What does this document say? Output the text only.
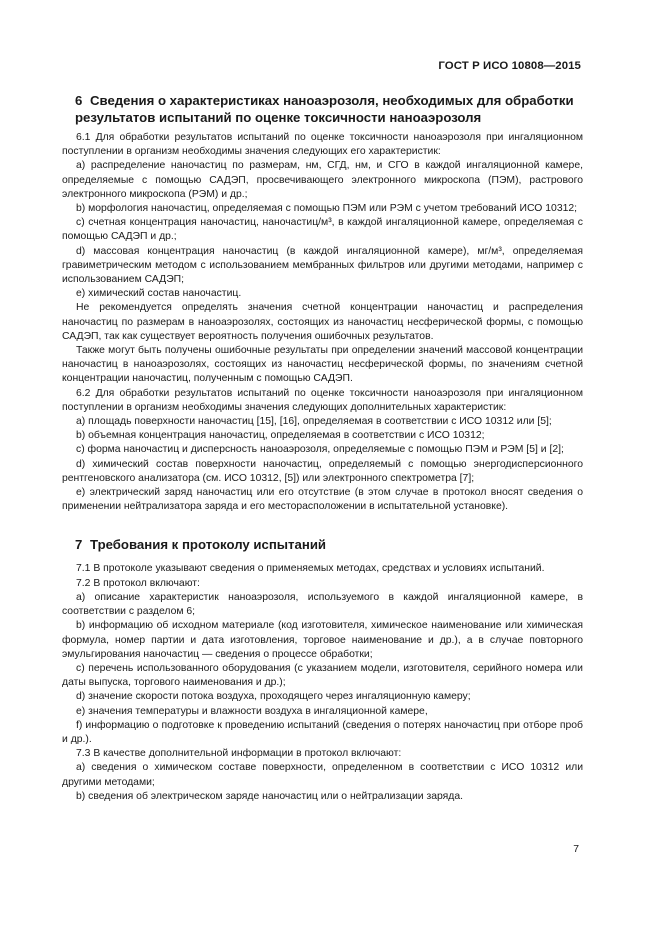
ГОСТ Р ИСО 10808—2015
6 Сведения о характеристиках наноаэрозоля, необходимых для обработки результатов испытаний по оценке токсичности наноаэрозоля

6.1 Для обработки результатов испытаний по оценке токсичности наноаэрозоля при ингаляционном поступлении в организм необходимы значения следующих его характеристик:

a) распределение наночастиц по размерам, нм, СГД, нм, и СГО в каждой ингаляционной камере, определяемые с помощью САДЭП, просвечивающего электронного микроскопа (ПЭМ), растрового электронного микроскопа (РЭМ) и др.;

b) морфология наночастиц, определяемая с помощью ПЭМ или РЭМ с учетом требований ИСО 10312;

c) счетная концентрация наночастиц, наночастиц/м³, в каждой ингаляционной камере, определяемая с помощью САДЭП и др.;

d) массовая концентрация наночастиц (в каждой ингаляционной камере), мг/м³, определяемая гравиметрическим методом с использованием мембранных фильтров или другими методами, например с использованием САДЭП;

e) химический состав наночастиц.

Не рекомендуется определять значения счетной концентрации наночастиц и распределения наночастиц по размерам в наноаэрозолях, состоящих из наночастиц несферической формы, с помощью САДЭП, так как существует вероятность получения ошибочных результатов.

Также могут быть получены ошибочные результаты при определении значений массовой концентрации наночастиц в наноаэрозолях, состоящих из наночастиц несферической формы, по значениям счетной концентрации наночастиц, полученным с помощью САДЭП.

6.2 Для обработки результатов испытаний по оценке токсичности наноаэрозоля при ингаляционном поступлении в организм необходимы значения следующих дополнительных характеристик:

a) площадь поверхности наночастиц [15], [16], определяемая в соответствии с ИСО 10312 или [5];

b) объемная концентрация наночастиц, определяемая в соответствии с ИСО 10312;

c) форма наночастиц и дисперсность наноаэрозоля, определяемые с помощью ПЭМ и РЭМ [5] и [2];

d) химический состав поверхности наночастиц, определяемый с помощью энергодисперсионного рентгеновского анализатора (см. ИСО 10312, [5]) или электронного спектрометра [7];

e) электрический заряд наночастиц или его отсутствие (в этом случае в протокол вносят сведения о применении нейтрализатора заряда и его месторасположении в испытательной установке).

7 Требования к протоколу испытаний

7.1 В протоколе указывают сведения о применяемых методах, средствах и условиях испытаний.

7.2 В протокол включают:

a) описание характеристик наноаэрозоля, используемого в каждой ингаляционной камере, в соответствии с разделом 6;

b) информацию об исходном материале (код изготовителя, химическое наименование или химическая формула, номер партии и дата изготовления, торговое наименование и др.), а в случае повторного эмульгирования наночастиц — сведения о процессе обработки;

c) перечень использованного оборудования (с указанием модели, изготовителя, серийного номера или даты выпуска, торгового наименования и др.);

d) значение скорости потока воздуха, проходящего через ингаляционную камеру;

e) значения температуры и влажности воздуха в ингаляционной камере,

f) информацию о подготовке к проведению испытаний (сведения о потерях наночастиц при отборе проб и др.).

7.3 В качестве дополнительной информации в протокол включают:

a) сведения о химическом составе поверхности, определенном в соответствии с ИСО 10312 или другими методами;

b) сведения об электрическом заряде наночастиц или о нейтрализации заряда.

7
